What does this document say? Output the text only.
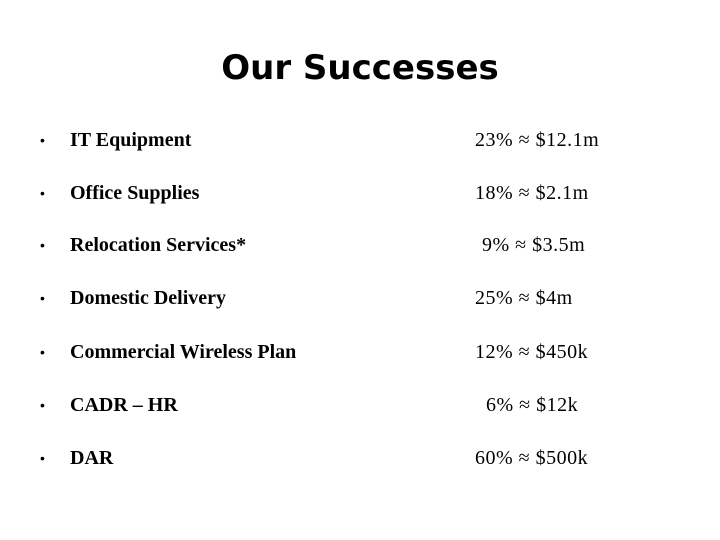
Our Successes
• IT Equipment	23% ≈ $12.1m
• Office Supplies	18% ≈ $2.1m
• Relocation Services*	9% ≈ $3.5m
• Domestic Delivery	25% ≈ $4m
• Commercial Wireless Plan	12% ≈ $450k
• CADR – HR	6% ≈ $12k
• DAR	60% ≈ $500k
